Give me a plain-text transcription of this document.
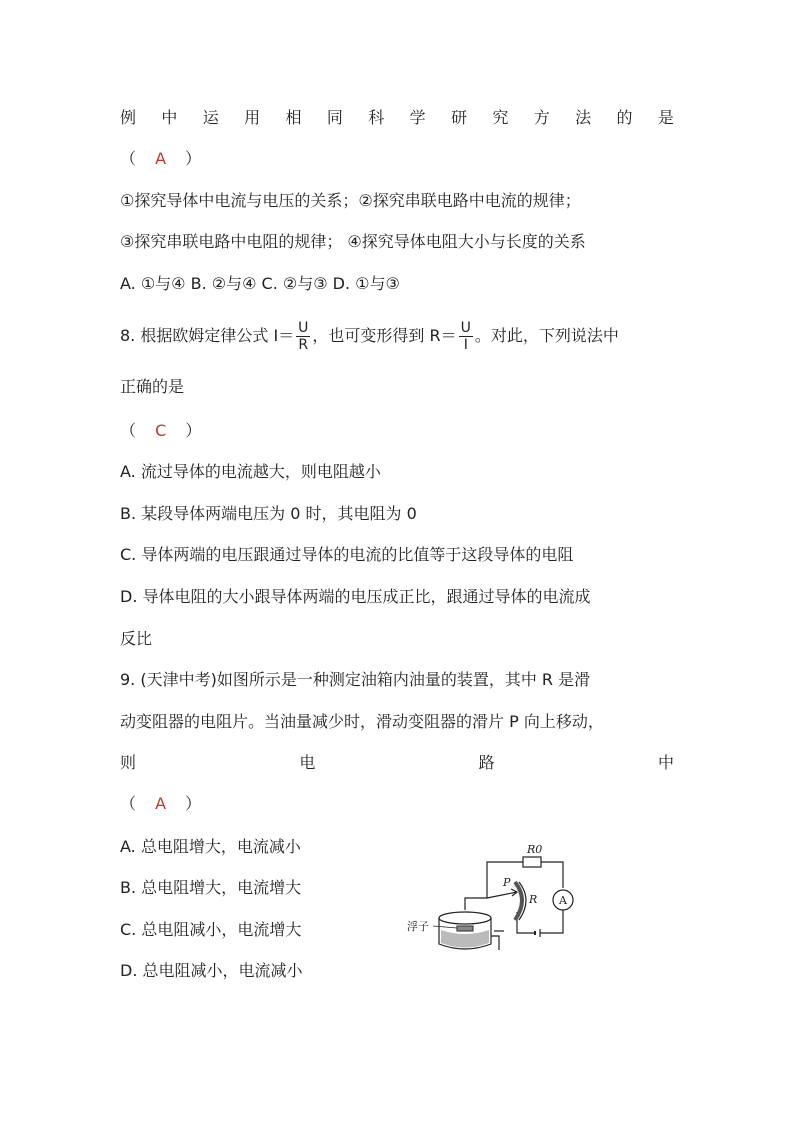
例 中 运 用 相 同 科 学 研 究 方 法 的 是
（ A ）
①探究导体中电流与电压的关系；②探究串联电路中电流的规律；
③探究串联电路中电阻的规律； ④探究导体电阻大小与长度的关系
A. ①与④ B. ②与④ C. ②与③ D. ①与③
8. 根据欧姆定律公式 $I= \frac{U}{R}$ ，也可变形得到 $R= \frac{U}{I}$ 。对此，下列说法中
正确的是
（ C ）
A. 流过导体的电流越大，则电阻越小
B. 某段导体两端电压为 0 时，其电阻为 0
C. 导体两端的电压跟通过导体的电流的比值等于这段导体的电阻
D. 导体电阻的大小跟导体两端的电压成正比，跟通过导体的电流成
反比
9. (天津中考)如图所示是一种测定油箱内油量的装置，其中 R 是滑
动变阻器的电阻片。当油量减少时，滑动变阻器的滑片 P 向上移动，
则	电	路	中
（ A ）
A. 总电阻增大，电流减小
B. 总电阻增大，电流增大
C. 总电阻减小，电流增大
D. 总电阻减小，电流减小
R0
R
P
A
浮子
